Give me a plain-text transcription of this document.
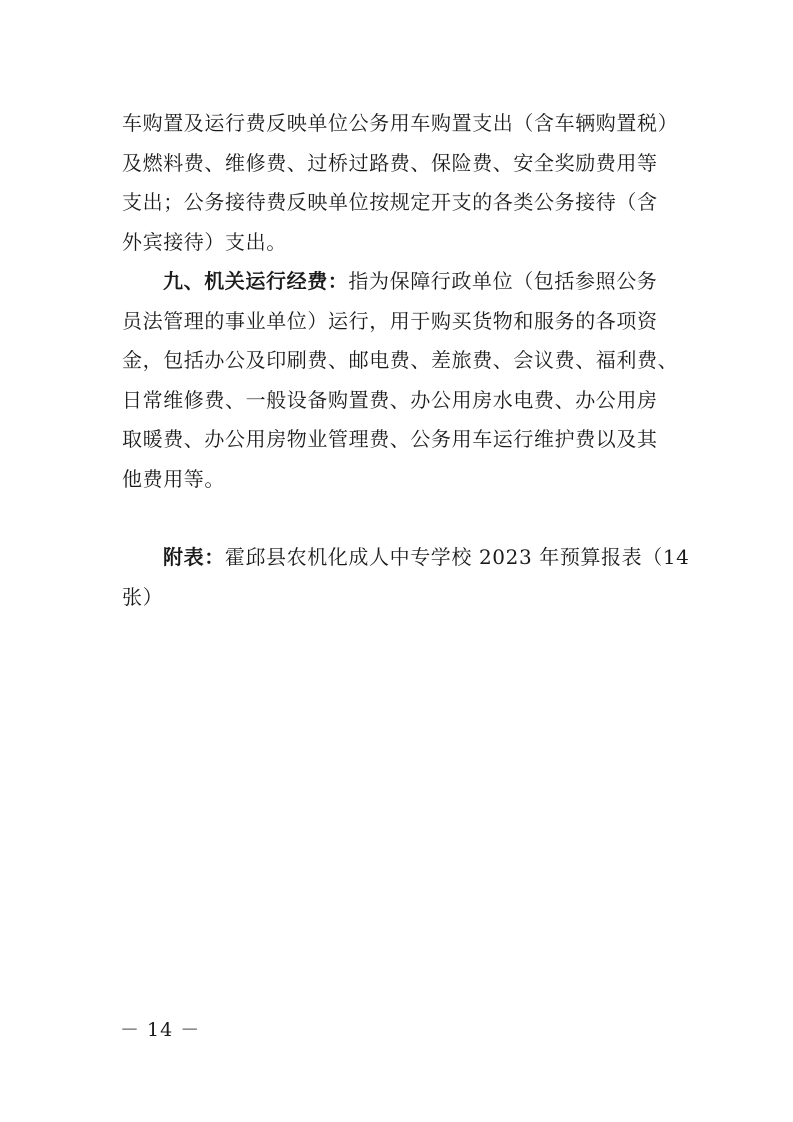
车购置及运行费反映单位公务用车购置支出（含车辆购置税）
及燃料费、维修费、过桥过路费、保险费、安全奖励费用等
支出；公务接待费反映单位按规定开支的各类公务接待（含
外宾接待）支出。
九、机关运行经费：指为保障行政单位（包括参照公务
员法管理的事业单位）运行，用于购买货物和服务的各项资
金，包括办公及印刷费、邮电费、差旅费、会议费、福利费、
日常维修费、一般设备购置费、办公用房水电费、办公用房
取暖费、办公用房物业管理费、公务用车运行维护费以及其
他费用等。
附表：霍邱县农机化成人中专学校 2023 年预算报表（14
张）
－ 14 －
